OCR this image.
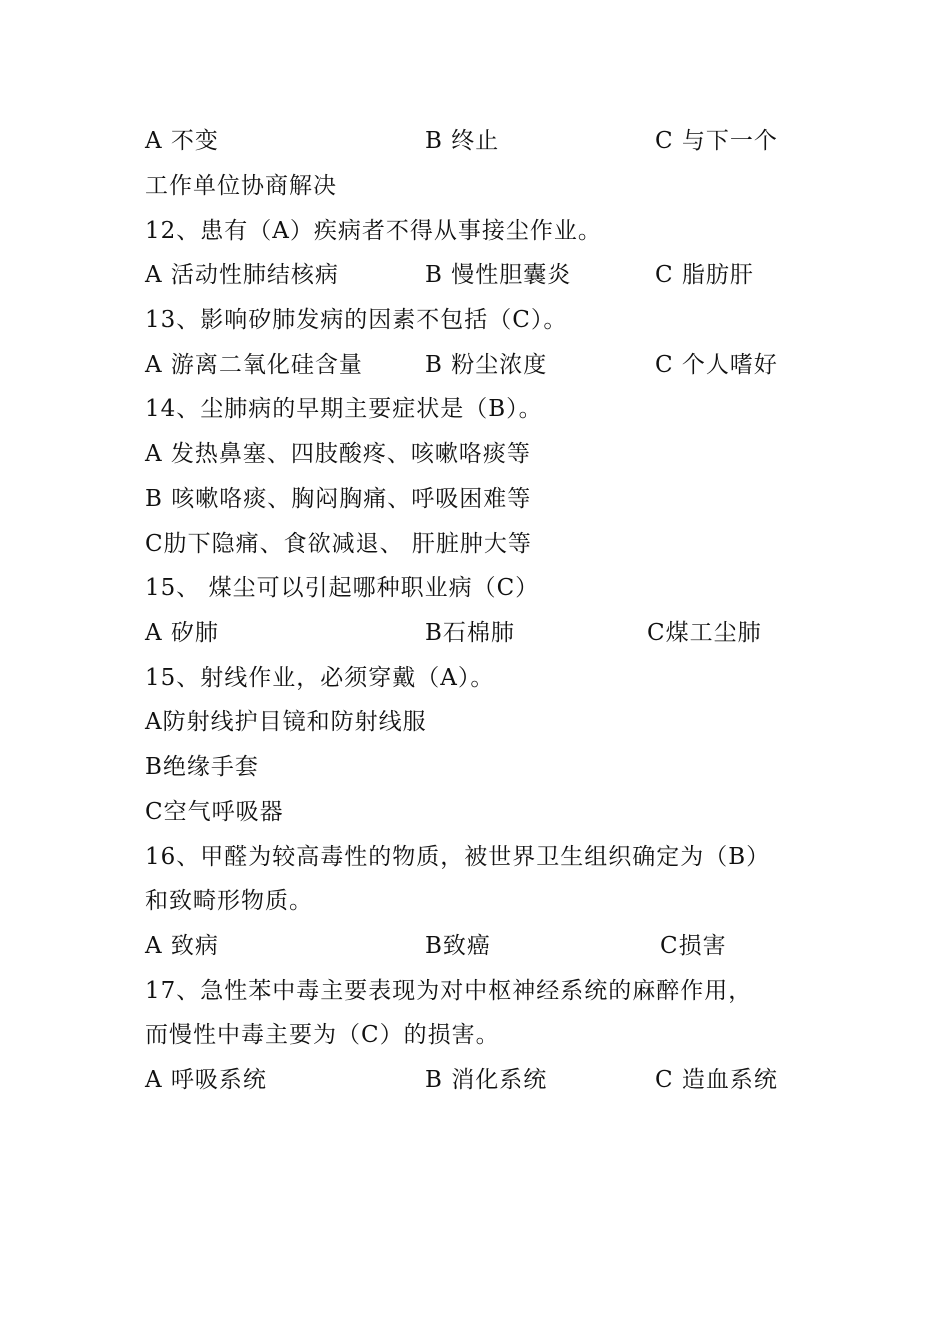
A 不变	B 终止	C 与下一个
工作单位协商解决
12、患有（A）疾病者不得从事接尘作业。
A 活动性肺结核病	B 慢性胆囊炎	C 脂肪肝
13、影响矽肺发病的因素不包括（C）。
A 游离二氧化硅含量	B 粉尘浓度	C 个人嗜好
14、尘肺病的早期主要症状是（B）。
A 发热鼻塞、四肢酸疼、咳嗽咯痰等
B 咳嗽咯痰、胸闷胸痛、呼吸困难等
C肋下隐痛、食欲减退、 肝脏肿大等
15、 煤尘可以引起哪种职业病（C）
A 矽肺	B石棉肺	C煤工尘肺
15、射线作业，必须穿戴（A）。
A防射线护目镜和防射线服
B绝缘手套
C空气呼吸器
16、甲醛为较高毒性的物质，被世界卫生组织确定为（B）
和致畸形物质。
A 致病	B致癌	C损害
17、急性苯中毒主要表现为对中枢神经系统的麻醉作用，
而慢性中毒主要为（C）的损害。
A 呼吸系统	B 消化系统	C 造血系统
